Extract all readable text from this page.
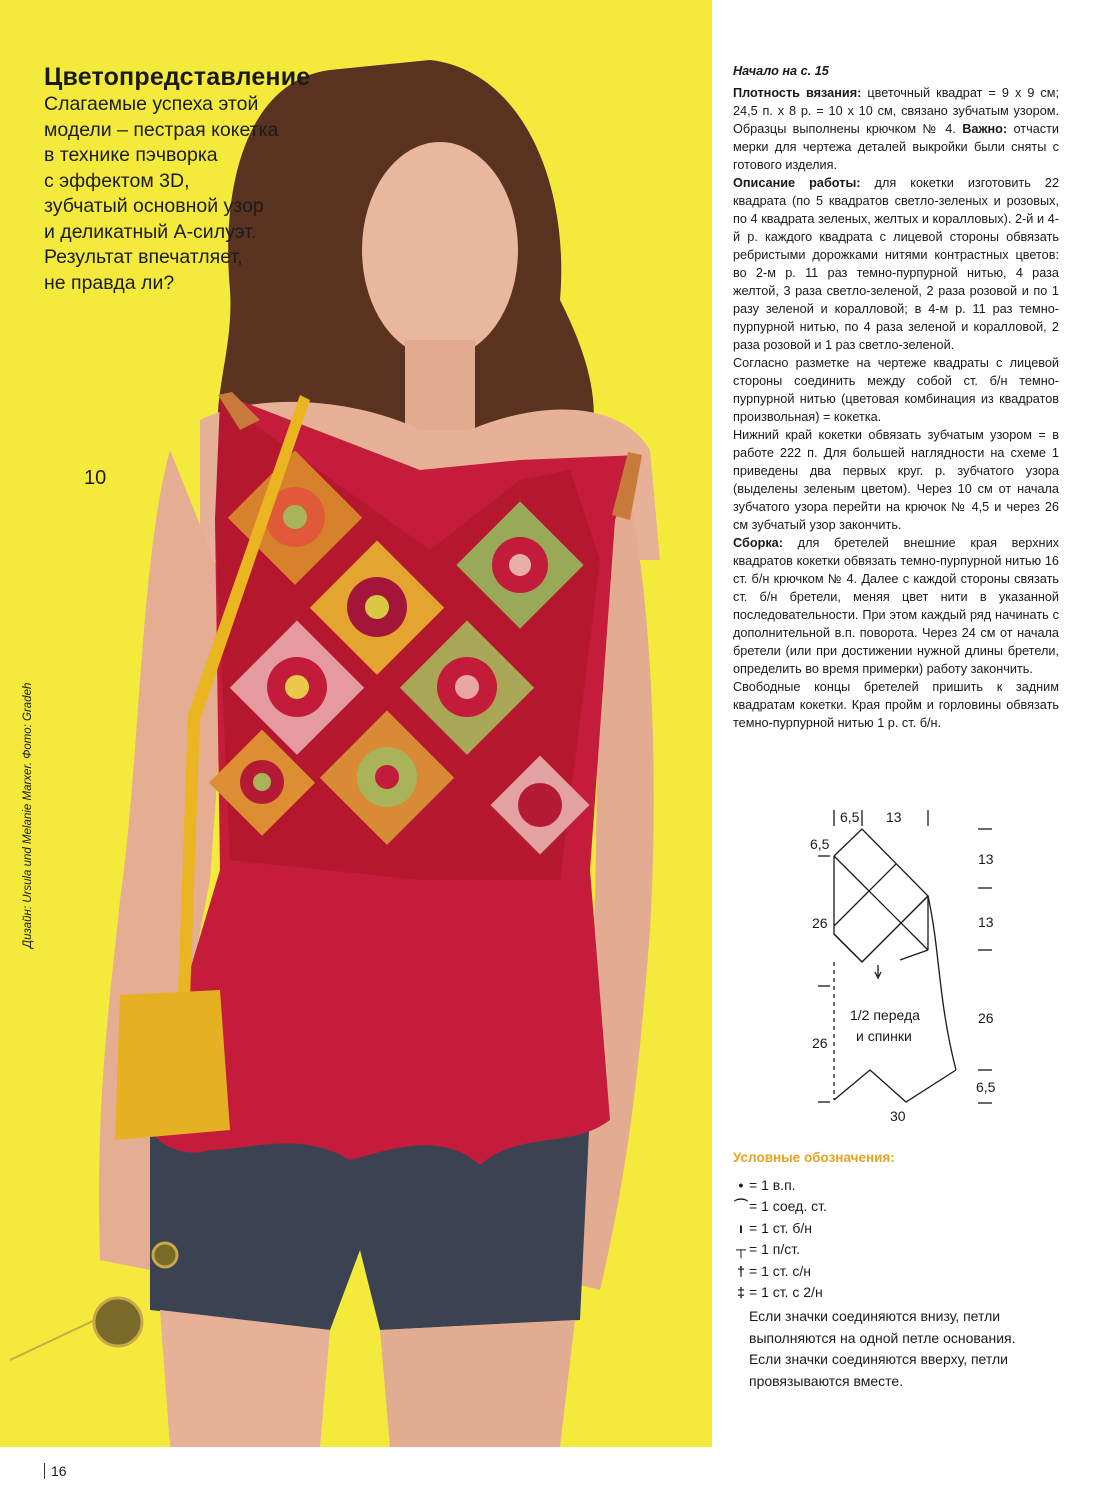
Цветопредставление

Слагаемые успеха этой

модели – пестрая кокетка

в технике пэчворка

с эффектом 3D,

зубчатый основной узор

и деликатный А-силуэт.

Результат впечатляет,

не правда ли?

10
Дизайн: Ursula und Melanie Marxer. Фото: Gradeh
16
Начало на с. 15

Плотность вязания: цветочный квадрат = 9 х 9 см; 24,5 п. х 8 р. = 10 х 10 см, связано зубчатым узором. Образцы выполнены крючком № 4. Важно: отчасти мерки для чертежа деталей выкройки были сняты с готового изделия.

Описание работы: для кокетки изготовить 22 квадрата (по 5 квадратов светло-зеленых и розовых, по 4 квадрата зеленых, желтых и коралловых). 2-й и 4-й р. каждого квадрата с лицевой стороны обвязать ребристыми дорожками нитями контрастных цветов: во 2-м р. 11 раз темно-пурпурной нитью, 4 раза желтой, 3 раза светло-зеленой, 2 раза розовой и по 1 разу зеленой и коралловой; в 4-м р. 11 раз темно-пурпурной нитью, по 4 раза зеленой и коралловой, 2 раза розовой и 1 раз светло-зеленой.

Согласно разметке на чертеже квадраты с лицевой стороны соединить между собой ст. б/н темно-пурпурной нитью (цветовая комбинация из квадратов произвольная) = кокетка.

Нижний край кокетки обвязать зубчатым узором = в работе 222 п. Для большей наглядности на схеме 1 приведены два первых круг. р. зубчатого узора (выделены зеленым цветом). Через 10 см от начала зубчатого узора перейти на крючок № 4,5 и через 26 см зубчатый узор закончить.

Сборка: для бретелей внешние края верхних квадратов кокетки обвязать темно-пурпурной нитью 16 ст. б/н крючком № 4. Далее с каждой стороны связать ст. б/н бретели, меняя цвет нити в указанной последовательности. При этом каждый ряд начинать с дополнительной в.п. поворота. Через 24 см от начала бретели (или при достижении нужной длины бретели, определить во время примерки) работу закончить.

Свободные концы бретелей пришить к задним квадратам кокетки. Края пройм и горловины обвязать темно-пурпурной нитью 1 р. ст. б/н.

6,5 13
6,5
26
26
13
13
26
6,5
30
1/2 переда
и спинки
Условные обозначения:
• = 1 в.п.
⌒ = 1 соед. ст.
ı = 1 ст. б/н
┬ = 1 п/ст.
† = 1 ст. с/н
‡ = 1 ст. с 2/н
Если значки соединяются внизу, петли выполняются на одной петле основания.
Если значки соединяются вверху, петли провязываются вместе.
